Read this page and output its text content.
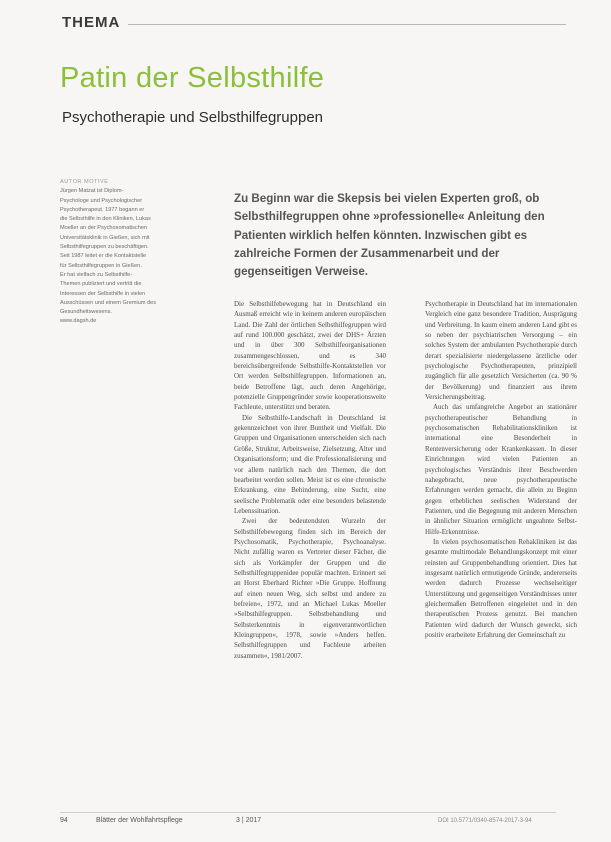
THEMA
Patin der Selbsthilfe
Psychotherapie und Selbsthilfegruppen
AUTOR MOTIVE
Jürgen Matzat ist Diplom-
Psychologe und Psychologischer
Psychotherapeut. 1977 begann er
die Selbsthilfe in den Kliniken, Lukas
Moeller an der Psychosomatischen
Universitätsklinik in Gießen, sich mit
Selbsthilfegruppen zu beschäftigen.
Seit 1987 leitet er die Kontaktstelle
für Selbsthilfegruppen in Gießen.
Er hat vielfach zu Selbsthilfe-
Themen publiziert und vertritt die
Interessen der Selbsthilfe in vielen
Ausschüssen und einem Gremium des
Gesundheitswesens.
www.dagsh.de
Zu Beginn war die Skepsis bei vielen Experten groß, ob Selbsthilfegruppen ohne »professionelle« Anleitung den Patienten wirklich helfen könnten. Inzwischen gibt es zahlreiche Formen der Zusammenarbeit und der gegenseitigen Verweise.

Die Selbsthilfebewegung hat in Deutschland ein Ausmaß erreicht wie in keinem anderen europäischen Land. Die Zahl der örtlichen Selbsthilfegruppen wird auf rund 100.000 geschätzt, zwei der DHS+ Ärzten und in über 300 Selbsthilfeorganisationen zusammengeschlossen, und es 340 bereichsübergreifende Selbsthilfe-Kontaktstellen vor Ort werden Selbsthilfegruppen. Informationen an, beide Betroffene lägt, auch deren Angehörige, potenzielle Gruppengründer sowie kooperationsweite Fachleute, unterstützt und beraten.

Die Selbsthilfe-Landschaft in Deutschland ist gekennzeichnet von ihrer Buntheit und Vielfalt. Die Gruppen und Organisationen unterscheiden sich nach Größe, Struktur, Arbeitsweise, Zielsetzung, Alter und Organisationsform; und die Professionalisierung und vor allem natürlich nach den Themen, die dort bearbeitet werden sollen. Meist ist es eine chronische Erkrankung, eine Behinderung, eine Sucht, eine seelische Problematik oder eine besonders belastende Lebenssituation.

Zwei der bedeutendsten Wurzeln der Selbsthilfebewegung finden sich im Bereich der Psychosomatik, Psychotherapie, Psychoanalyse. Nicht zufällig waren es Vertreter dieser Fächer, die sich als Vorkämpfer der Gruppen und die Selbsthilfegruppenidee populär machten. Erinnert sei an Horst Eberhard Richter »Die Gruppe. Hoffnung auf einen neuen Weg, sich selbst und andere zu befreien«, 1972, und an Michael Lukas Moeller »Selbsthilfegruppen. Selbstbehandlung und Selbsterkenntnis in eigenverantwortlichen Kleingruppen«, 1978, sowie »Anders helfen. Selbsthilfegruppen und Fachleute arbeiten zusammen«, 1981/2007.

Psychotherapie in Deutschland hat im internationalen Vergleich eine ganz besondere Tradition, Ausprägung und Verbreitung. In kaum einem anderen Land gibt es so neben der psychiatrischen Versorgung – ein solches System der ambulanten Psychotherapie durch derart spezialisierte niedergelassene ärztliche oder psychologische Psychotherapeuten, prinzipiell zugänglich für alle gesetzlich Versicherten (ca. 90 % der Bevölkerung) und finanziert aus ihrem Versicherungsbeitrag.

Auch das umfangreiche Angebot an stationärer psychotherapeutischer Behandlung in psychosomatischen Rehabilitationskliniken ist international eine Besonderheit in Rentenversicherung oder Krankenkassen. In dieser Einrichtungen wird vielen Patienten an psychologisches Verständnis ihrer Beschwerden nahegebracht, neue psychotherapeutische Erfahrungen werden gemacht, die allein zu Beginn gegen erheblichen seelischen Widerstand der Patienten, und die Begegnung mit anderen Menschen in ähnlicher Situation ermöglicht ungeahnte Selbst- Hilfe-Erkenntnisse.

In vielen psychosomatischen Rehakliniken ist das gesamte multimodale Behandlungskonzept mit einer reinsten auf Gruppenbehandlung orientiert. Dies hat insgesamt natürlich ermutigende Gründe, andererseits werden dadurch Prozesse wechselseitiger Unterstützung und gegenseitigen Verständnisses unter gleichermaßen Betroffenen eingeleitet und in den therapeutischen Prozess genutzt. Bei manchen Patienten wird dadurch der Wunsch geweckt, sich positiv erarbeitete Erfahrung der Gemeinschaft zu

94	Blätter der Wohlfahrtspflege	3 | 2017	DOI 10.5771/0340-8574-2017-3-94
